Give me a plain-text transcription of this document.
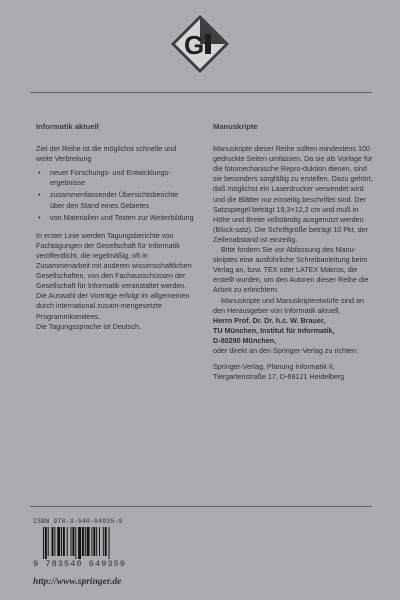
G
Informatik aktuell

Ziel der Reihe ist die möglichst schnelle und weite Verbreitung

• neuer Forschungs- und Entwicklungs-ergebnisse
• zusammenfassender Übersichtsberichte über den Stand eines Gebietes
• von Materialien und Texten zur Weiterbildung

In erster Linie werden Tagungsberichte von Fachtagungen der Gesellschaft für Informatik veröffentlicht, die regelmäßig, oft in Zusammenarbeit mit anderen wissenschaftlichen Gesellschaften, von den Fachausschüssen der Gesellschaft für Informatik veranstaltet werden.

Die Auswahl der Vorträge erfolgt im allgemeinen durch international zusam-mengesetzte Programmkomitees.

Die Tagungssprache ist Deutsch.

Manuskripte

Manuskripte dieser Reihe sollten mindestens 100 gedruckte Seiten umfassen. Da sie als Vorlage für die fotomechanische Repro-duktion dienen, sind sie besonders sorgfältig zu erstellen. Dazu gehört, daß möglichst ein Laserdrucker verwendet wird und die Blätter nur einseitig beschriftet sind. Der Satzspiegel beträgt 19,3×12,2 cm und muß in Höhe und Breite vollständig ausgenutzt werden (Block-satz). Die Schriftgröße beträgt 10 Pkt, der Zeilenabstand ist einzeilig.

Bitte fordern Sie vor Abfassung des Manu-skriptes eine ausführliche Schreibanleitung beim Verlag an, bzw. TEX oder LATEX Makros, die erstellt wurden, um den Autoren dieser Reihe die Arbeit zu erleichtern.

Manuskripte und Manuskriptentwürfe sind an den Herausgeber von Informatik aktuell,

Herrn Prof. Dr. Dr. h.c. W. Brauer,
TU München, Institut für Informatik,
D-80290 München,

oder direkt an den Springer-Verlag zu richten:

Springer-Verlag, Planung Informatik II, Tiergartenstraße 17, D-69121 Heidelberg

ISBN 978-3-540-64935-9
9 783540 649359
http://www.springer.de
